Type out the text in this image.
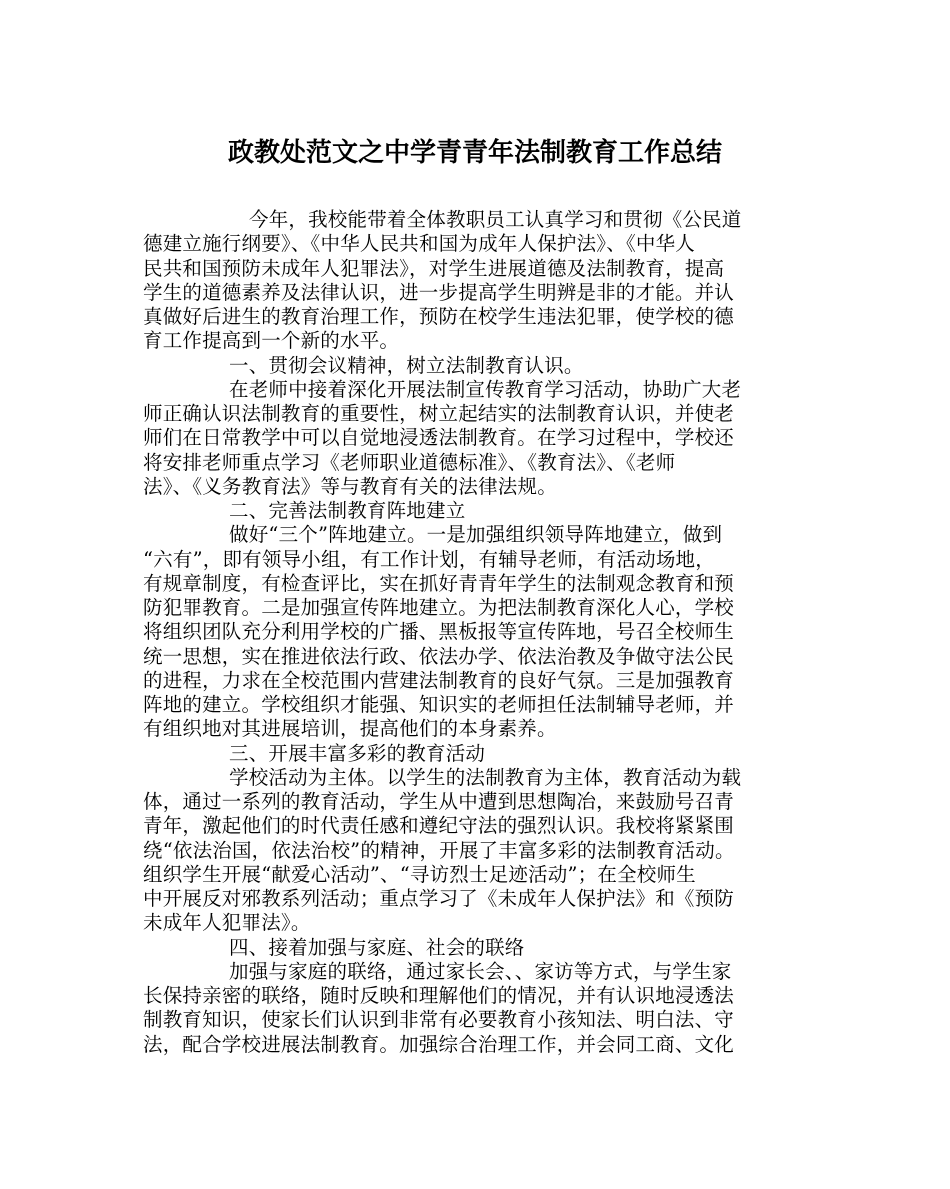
政教处范文之中学青青年法制教育工作总结
今年，我校能带着全体教职员工认真学习和贯彻《公民道
德建立施行纲要》、《中华人民共和国为成年人保护法》、《中华人
民共和国预防未成年人犯罪法》，对学生进展道德及法制教育，提高
学生的道德素养及法律认识，进一步提高学生明辨是非的才能。并认
真做好后进生的教育治理工作，预防在校学生违法犯罪，使学校的德
育工作提高到一个新的水平。
一、贯彻会议精神，树立法制教育认识。
在老师中接着深化开展法制宣传教育学习活动，协助广大老
师正确认识法制教育的重要性，树立起结实的法制教育认识，并使老
师们在日常教学中可以自觉地浸透法制教育。在学习过程中，学校还
将安排老师重点学习《老师职业道德标准》、《教育法》、《老师
法》、《义务教育法》等与教育有关的法律法规。
二、完善法制教育阵地建立
做好“三个”阵地建立。一是加强组织领导阵地建立，做到
“六有”，即有领导小组，有工作计划，有辅导老师，有活动场地，
有规章制度，有检查评比，实在抓好青青年学生的法制观念教育和预
防犯罪教育。二是加强宣传阵地建立。为把法制教育深化人心，学校
将组织团队充分利用学校的广播、黑板报等宣传阵地，号召全校师生
统一思想，实在推进依法行政、依法办学、依法治教及争做守法公民
的进程，力求在全校范围内营建法制教育的良好气氛。三是加强教育
阵地的建立。学校组织才能强、知识实的老师担任法制辅导老师，并
有组织地对其进展培训，提高他们的本身素养。
三、开展丰富多彩的教育活动
学校活动为主体。以学生的法制教育为主体，教育活动为载
体，通过一系列的教育活动，学生从中遭到思想陶冶，来鼓励号召青
青年，激起他们的时代责任感和遵纪守法的强烈认识。我校将紧紧围
绕“依法治国，依法治校”的精神，开展了丰富多彩的法制教育活动。
组织学生开展“献爱心活动”、“寻访烈士足迹活动”；在全校师生
中开展反对邪教系列活动；重点学习了《未成年人保护法》和《预防
未成年人犯罪法》。
四、接着加强与家庭、社会的联络
加强与家庭的联络，通过家长会、、家访等方式，与学生家
长保持亲密的联络，随时反映和理解他们的情况，并有认识地浸透法
制教育知识，使家长们认识到非常有必要教育小孩知法、明白法、守
法，配合学校进展法制教育。加强综合治理工作，并会同工商、文化
